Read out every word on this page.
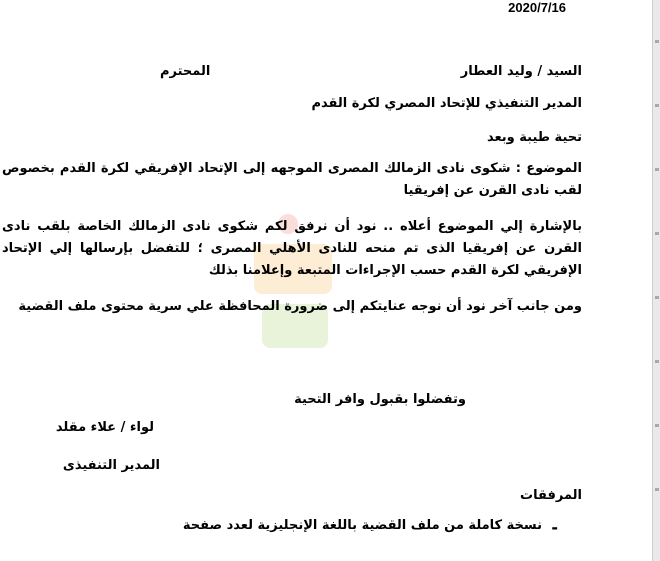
2020/7/16
السيد / وليد العطار
المحترم
المدير التنفيذي للإتحاد المصري لكرة القدم
تحية طيبة وبعد
الموضوع : شكوى نادى الزمالك المصرى الموجهه إلى الإتحاد الإفريقي لكرة القدم بخصوص لقب نادى القرن عن إفريقيا
بالإشارة إلي الموضوع أعلاه .. نود أن نرفق لكم شكوى نادى الزمالك الخاصة بلقب نادى القرن عن إفريقيا الذى تم منحه للنادى الأهلي المصرى ؛ للتفضل بإرسالها إلي الإتحاد الإفريقي لكرة القدم حسب الإجراءات المتبعة وإعلامنا بذلك
ومن جانب آخر نود أن نوجه عنايتكم إلى ضرورة المحافظة علي سرية محتوى ملف القضية
وتفضلوا بقبول وافر التحية
لواء / علاء مقلد
المدير التنفيذى
المرفقات
-
نسخة كاملة من ملف القضية باللغة الإنجليزية لعدد صفحة
